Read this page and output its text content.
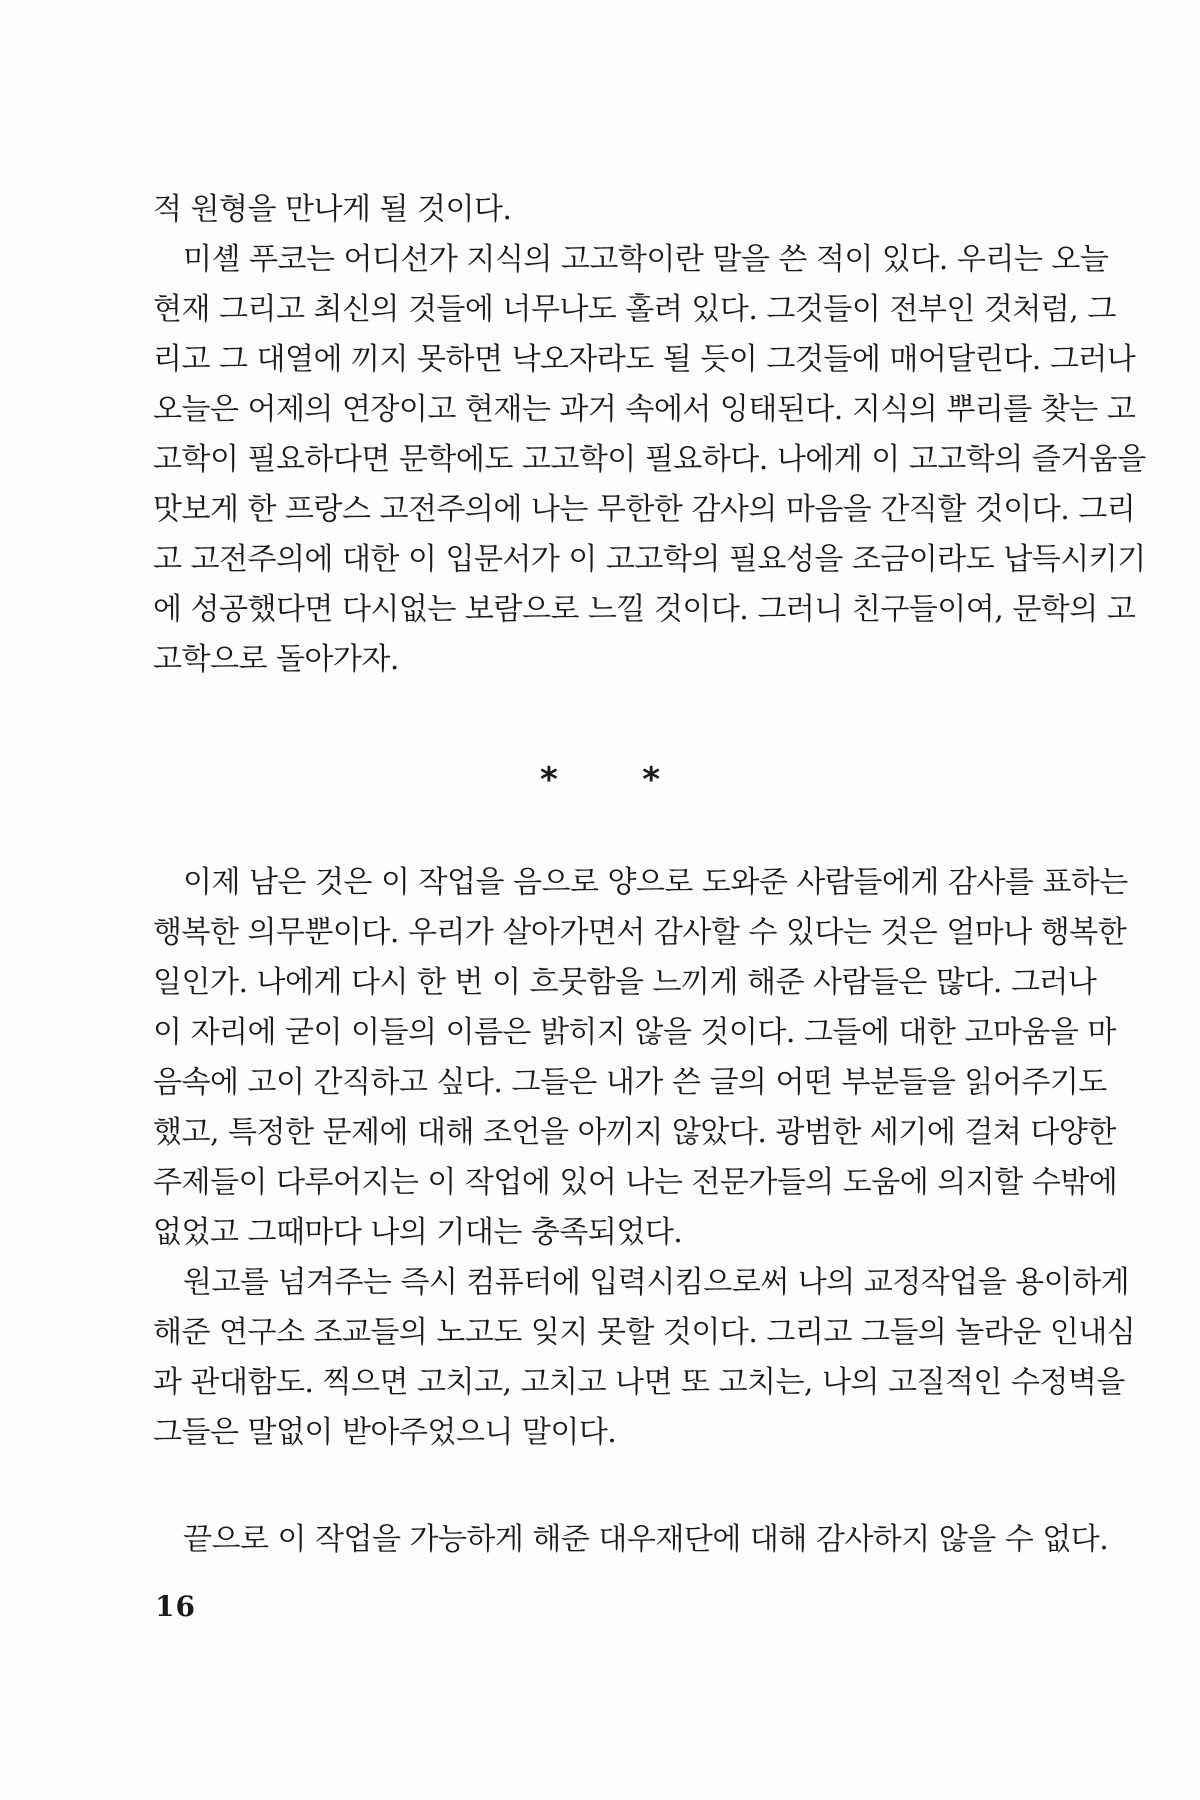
적 원형을 만나게 될 것이다.
미셸 푸코는 어디선가 지식의 고고학이란 말을 쓴 적이 있다. 우리는 오늘
현재 그리고 최신의 것들에 너무나도 홀려 있다. 그것들이 전부인 것처럼, 그
리고 그 대열에 끼지 못하면 낙오자라도 될 듯이 그것들에 매어달린다. 그러나
오늘은 어제의 연장이고 현재는 과거 속에서 잉태된다. 지식의 뿌리를 찾는 고
고학이 필요하다면 문학에도 고고학이 필요하다. 나에게 이 고고학의 즐거움을
맛보게 한 프랑스 고전주의에 나는 무한한 감사의 마음을 간직할 것이다. 그리
고 고전주의에 대한 이 입문서가 이 고고학의 필요성을 조금이라도 납득시키기
에 성공했다면 다시없는 보람으로 느낄 것이다. 그러니 친구들이여, 문학의 고
고학으로 돌아가자.
* *
이제 남은 것은 이 작업을 음으로 양으로 도와준 사람들에게 감사를 표하는
행복한 의무뿐이다. 우리가 살아가면서 감사할 수 있다는 것은 얼마나 행복한
일인가. 나에게 다시 한 번 이 흐뭇함을 느끼게 해준 사람들은 많다. 그러나
이 자리에 굳이 이들의 이름은 밝히지 않을 것이다. 그들에 대한 고마움을 마
음속에 고이 간직하고 싶다. 그들은 내가 쓴 글의 어떤 부분들을 읽어주기도
했고, 특정한 문제에 대해 조언을 아끼지 않았다. 광범한 세기에 걸쳐 다양한
주제들이 다루어지는 이 작업에 있어 나는 전문가들의 도움에 의지할 수밖에
없었고 그때마다 나의 기대는 충족되었다.
원고를 넘겨주는 즉시 컴퓨터에 입력시킴으로써 나의 교정작업을 용이하게
해준 연구소 조교들의 노고도 잊지 못할 것이다. 그리고 그들의 놀라운 인내심
과 관대함도. 찍으면 고치고, 고치고 나면 또 고치는, 나의 고질적인 수정벽을
그들은 말없이 받아주었으니 말이다.
끝으로 이 작업을 가능하게 해준 대우재단에 대해 감사하지 않을 수 없다.
16
